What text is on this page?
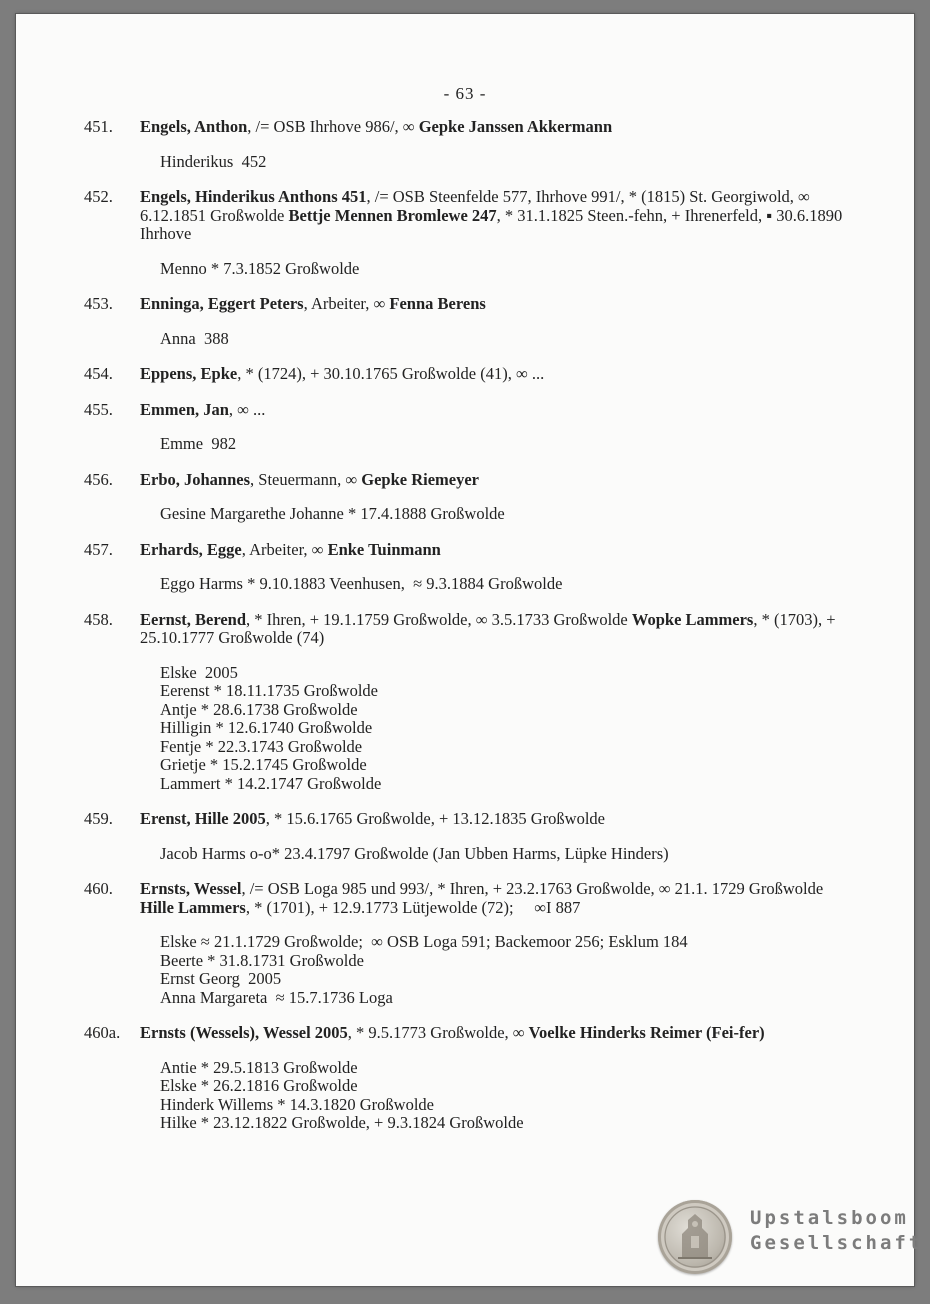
- 63 -
451. Engels, Anthon, /= OSB Ihrhove 986/, ∞ Gepke Janssen Akkermann
Hinderikus  452
452. Engels, Hinderikus Anthons 451, /= OSB Steenfelde 577, Ihrhove 991/, * (1815) St. Georgiwold, ∞ 6.12.1851 Großwolde Bettje Mennen Bromlewe 247, * 31.1.1825 Steen.-fehn, + Ihrenerfeld, ▪ 30.6.1890 Ihrhove
Menno * 7.3.1852 Großwolde
453. Enninga, Eggert Peters, Arbeiter, ∞ Fenna Berens
Anna  388
454. Eppens, Epke, * (1724), + 30.10.1765 Großwolde (41), ∞ ...
455. Emmen, Jan, ∞ ...
Emme  982
456. Erbo, Johannes, Steuermann, ∞ Gepke Riemeyer
Gesine Margarethe Johanne * 17.4.1888 Großwolde
457. Erhards, Egge, Arbeiter, ∞ Enke Tuinmann
Eggo Harms * 9.10.1883 Veenhusen,  ≈ 9.3.1884 Großwolde
458. Eernst, Berend, * Ihren, + 19.1.1759 Großwolde, ∞ 3.5.1733 Großwolde Wopke Lammers, * (1703), + 25.10.1777 Großwolde (74)
Elske  2005
Eerenst * 18.11.1735 Großwolde
Antje * 28.6.1738 Großwolde
Hilligin * 12.6.1740 Großwolde
Fentje * 22.3.1743 Großwolde
Grietje * 15.2.1745 Großwolde
Lammert * 14.2.1747 Großwolde
459. Erenst, Hille 2005, * 15.6.1765 Großwolde, + 13.12.1835 Großwolde
Jacob Harms o-o* 23.4.1797 Großwolde (Jan Ubben Harms, Lüpke Hinders)
460. Ernsts, Wessel, /= OSB Loga 985 und 993/, * Ihren, + 23.2.1763 Großwolde, ∞ 21.1. 1729 Großwolde Hille Lammers, * (1701), + 12.9.1773 Lütjewolde (72);     ∞I 887
Elske ≈ 21.1.1729 Großwolde;  ∞ OSB Loga 591; Backemoor 256; Esklum 184
Beerte * 31.8.1731 Großwolde
Ernst Georg  2005
Anna Margareta  ≈ 15.7.1736 Loga
460a. Ernsts (Wessels), Wessel 2005, * 9.5.1773 Großwolde, ∞ Voelke Hinderks Reimer (Fei-fer)
Antie * 29.5.1813 Großwolde
Elske * 26.2.1816 Großwolde
Hinderk Willems * 14.3.1820 Großwolde
Hilke * 23.12.1822 Großwolde, + 9.3.1824 Großwolde
Upstalsboom
Gesellschaft
